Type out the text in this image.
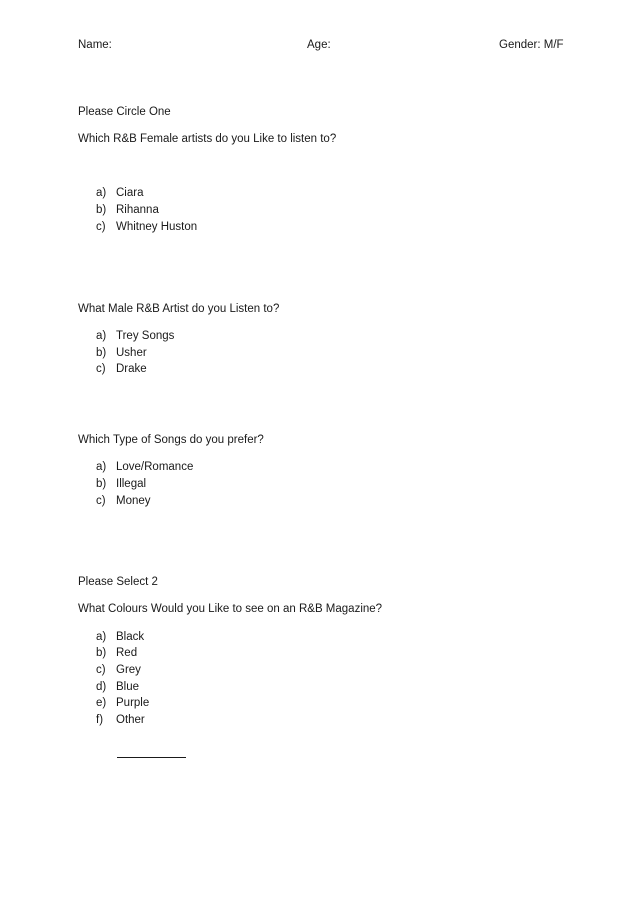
Name:	Age:	Gender: M/F
Please Circle One
Which R&B Female artists do you Like to listen to?
a) Ciara
b) Rihanna
c) Whitney Huston
What Male R&B Artist do you Listen to?
a) Trey Songs
b) Usher
c) Drake
Which Type of Songs do you prefer?
a) Love/Romance
b) Illegal
c) Money
Please Select 2
What Colours Would you Like to see on an R&B Magazine?
a) Black
b) Red
c) Grey
d) Blue
e) Purple
f) Other
